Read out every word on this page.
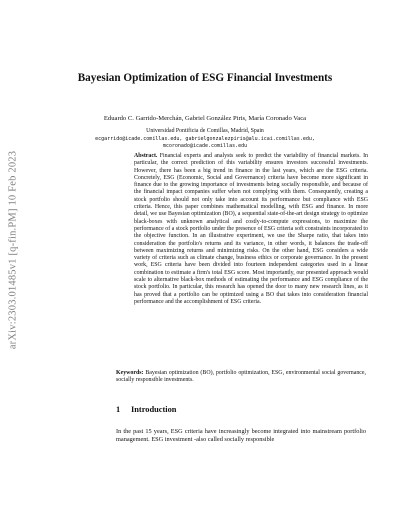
arXiv:2303.01485v1 [q-fin.PM] 10 Feb 2023
Bayesian Optimization of ESG Financial Investments
Eduardo C. Garrido-Merchán, Gabriel González Piris, María Coronado Vaca
Universidad Pontificia de Comillas, Madrid, Spain
ecgarrido@icade.comillas.edu, gabrielgonzalezpiris@alu.icai.comillas.edu,
mcoronado@icade.comillas.edu
Abstract. Financial experts and analysts seek to predict the variability of financial markets. In particular, the correct prediction of this variability ensures investors successful investments. However, there has been a big trend in finance in the last years, which are the ESG criteria. Concretely, ESG (Economic, Social and Governance) criteria have become more significant in finance due to the growing importance of investments being socially responsible, and because of the financial impact companies suffer when not complying with them. Consequently, creating a stock portfolio should not only take into account its performance but compliance with ESG criteria. Hence, this paper combines mathematical modelling, with ESG and finance. In more detail, we use Bayesian optimization (BO), a sequential state-of-the-art design strategy to optimize black-boxes with unknown analytical and costly-to-compute expressions, to maximize the performance of a stock portfolio under the presence of ESG criteria soft constraints incorporated to the objective function. In an illustrative experiment, we use the Sharpe ratio, that takes into consideration the portfolio's returns and its variance, in other words, it balances the trade-off between maximizing returns and minimizing risks. On the other hand, ESG considers a wide variety of criteria such as climate change, business ethics or corporate governance. In the present work, ESG criteria have been divided into fourteen independent categories used in a linear combination to estimate a firm's total ESG score. Most importantly, our presented approach would scale to alternative black-box methods of estimating the performance and ESG compliance of the stock portfolio. In particular, this research has opened the door to many new research lines, as it has proved that a portfolio can be optimized using a BO that takes into consideration financial performance and the accomplishment of ESG criteria.
Keywords: Bayesian optimization (BO), portfolio optimization, ESG, environmental social governance, socially responsible investments.
1 Introduction
In the past 15 years, ESG criteria have increasingly become integrated into mainstream portfolio management. ESG investment -also called socially responsible
